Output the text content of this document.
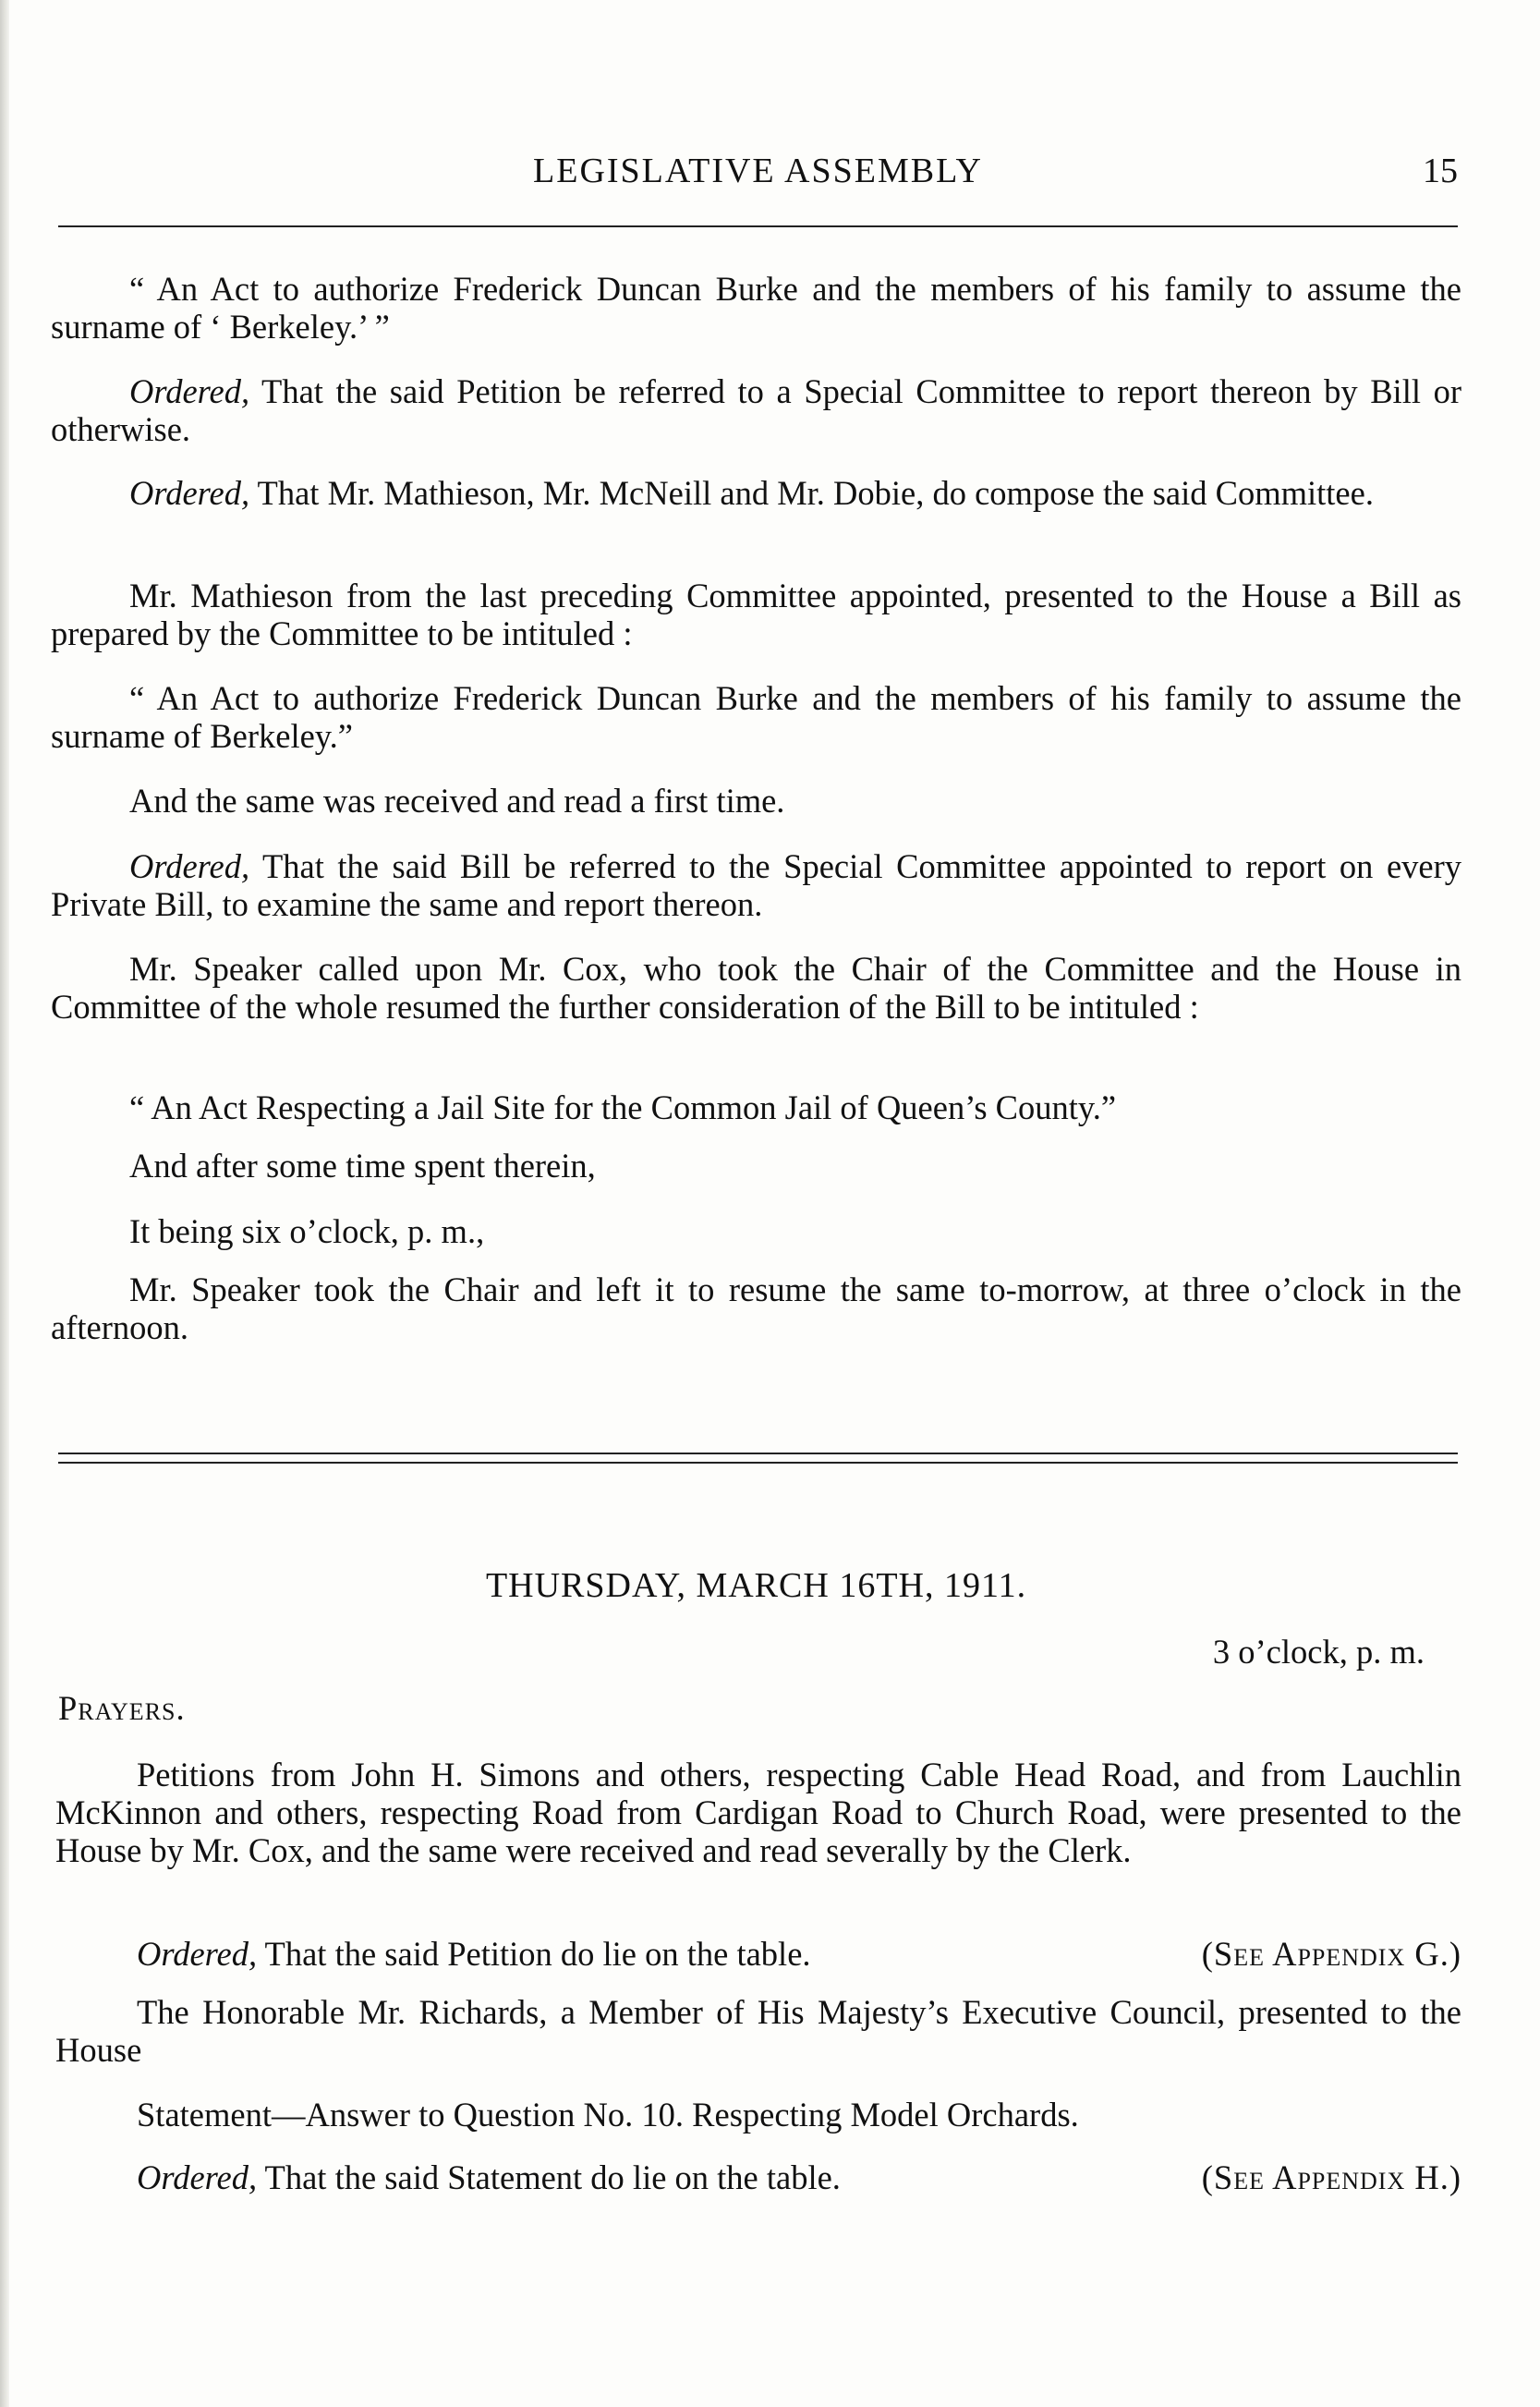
LEGISLATIVE ASSEMBLY	15
“ An Act to authorize Frederick Duncan Burke and the members of his family to assume the surname of ‘ Berkeley.’ ”
Ordered, That the said Petition be referred to a Special Committee to report thereon by Bill or otherwise.
Ordered, That Mr. Mathieson, Mr. McNeill and Mr. Dobie, do compose the said Committee.
Mr. Mathieson from the last preceding Committee appointed, presented to the House a Bill as prepared by the Committee to be intituled :
“ An Act to authorize Frederick Duncan Burke and the members of his family to assume the surname of Berkeley.”
And the same was received and read a first time.
Ordered, That the said Bill be referred to the Special Committee appointed to report on every Private Bill, to examine the same and report thereon.
Mr. Speaker called upon Mr. Cox, who took the Chair of the Committee and the House in Committee of the whole resumed the further consideration of the Bill to be intituled :
“ An Act Respecting a Jail Site for the Common Jail of Queen’s County.”
And after some time spent therein,
It being six o’clock, p. m.,
Mr. Speaker took the Chair and left it to resume the same to-morrow, at three o’clock in the afternoon.
THURSDAY, MARCH 16TH, 1911.
3 o’clock, p. m.
Prayers.
Petitions from John H. Simons and others, respecting Cable Head Road, and from Lauchlin McKinnon and others, respecting Road from Cardigan Road to Church Road, were presented to the House by Mr. Cox, and the same were received and read severally by the Clerk.
Ordered, That the said Petition do lie on the table.	(See Appendix G.)
The Honorable Mr. Richards, a Member of His Majesty’s Executive Council, presented to the House
Statement—Answer to Question No. 10. Respecting Model Orchards.
Ordered, That the said Statement do lie on the table.	(See Appendix H.)
